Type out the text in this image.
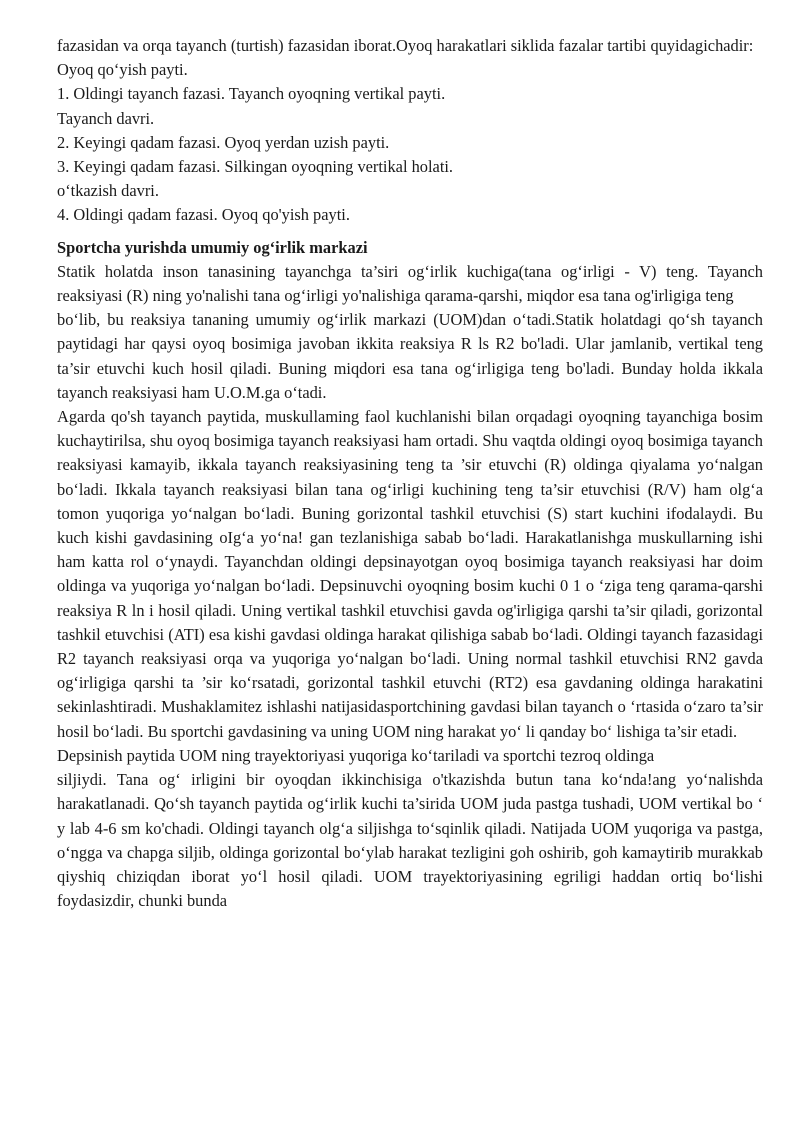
fazasidan va orqa tayanch (turtish) fazasidan iborat.Oyoq harakatlari siklida fazalar tartibi quyidagichadir:

Oyoq qo‘yish payti.

1. Oldingi tayanch fazasi. Tayanch oyoqning vertikal payti.

Tayanch davri.

2. Keyingi qadam fazasi. Oyoq yerdan uzish payti.

3. Keyingi qadam fazasi. Silkingan oyoqning vertikal holati.

o‘tkazish davri.

4. Oldingi qadam fazasi. Oyoq qo'yish payti.

Sportcha yurishda umumiy og‘irlik markazi

Statik holatda inson tanasining tayanchga ta’siri og‘irlik kuchiga(tana og‘irligi - V) teng. Tayanch reaksiyasi (R) ning yo'nalishi tana og‘irligi yo'nalishiga qarama-qarshi, miqdor esa tana og'irligiga teng

bo‘lib, bu reaksiya tananing umumiy og‘irlik markazi (UOM)dan o‘tadi.Statik holatdagi qo‘sh tayanch paytidagi har qaysi oyoq bosimiga javoban ikkita reaksiya R ls R2 bo'ladi. Ular jamlanib, vertikal teng ta’sir etuvchi kuch hosil qiladi. Buning miqdori esa tana og‘irligiga teng bo'ladi. Bunday holda ikkala tayanch reaksiyasi ham U.O.M.ga o‘tadi.

Agarda qo'sh tayanch paytida, muskullaming faol kuchlanishi bilan orqadagi oyoqning tayanchiga bosim kuchaytirilsa, shu oyoq bosimiga tayanch reaksiyasi ham ortadi. Shu vaqtda oldingi oyoq bosimiga tayanch reaksiyasi kamayib, ikkala tayanch reaksiyasining teng ta ’sir etuvchi (R) oldinga qiyalama yo‘nalgan bo‘ladi. Ikkala tayanch reaksiyasi bilan tana og‘irligi kuchining teng ta’sir etuvchisi (R/V) ham olg‘a tomon yuqoriga yo‘nalgan bo‘ladi. Buning gorizontal tashkil etuvchisi (S) start kuchini ifodalaydi. Bu kuch kishi gavdasining oIg‘a yo‘na! gan tezlanishiga sabab bo‘ladi. Harakatlanishga muskullarning ishi ham katta rol o‘ynaydi. Tayanchdan oldingi depsinayotgan oyoq bosimiga tayanch reaksiyasi har doim oldinga va yuqoriga yo‘nalgan bo‘ladi. Depsinuvchi oyoqning bosim kuchi 0 1 o ‘ziga teng qarama-qarshi reaksiya R ln i hosil qiladi. Uning vertikal tashkil etuvchisi gavda og'irligiga qarshi ta’sir qiladi, gorizontal tashkil etuvchisi (ATI) esa kishi gavdasi oldinga harakat qilishiga sabab bo‘ladi. Oldingi tayanch fazasidagi R2 tayanch reaksiyasi orqa va yuqoriga yo‘nalgan bo‘ladi. Uning normal tashkil etuvchisi RN2 gavda og‘irligiga qarshi ta ’sir ko‘rsatadi, gorizontal tashkil etuvchi (RT2) esa gavdaning oldinga harakatini sekinlashtiradi. Mushaklamitez ishlashi natijasidasportchining gavdasi bilan tayanch o ‘rtasida o‘zaro ta’sir hosil bo‘ladi. Bu sportchi gavdasining va uning UOM ning harakat yo‘ li qanday bo‘ lishiga ta’sir etadi.

Depsinish paytida UOM ning trayektoriyasi yuqoriga ko‘tariladi va sportchi tezroq oldinga

siljiydi. Tana og‘ irligini bir oyoqdan ikkinchisiga o'tkazishda butun tana ko‘nda!ang yo‘nalishda harakatlanadi. Qo‘sh tayanch paytida og‘irlik kuchi ta’sirida UOM juda pastga tushadi, UOM vertikal bo ‘ y lab 4-6 sm ko'chadi. Oldingi tayanch olg‘a siljishga to‘sqinlik qiladi. Natijada UOM yuqoriga va pastga, o‘ngga va chapga siljib, oldinga gorizontal bo‘ylab harakat tezligini goh oshirib, goh kamaytirib murakkab qiyshiq chiziqdan iborat yo‘l hosil qiladi. UOM trayektoriyasining egriligi haddan ortiq bo‘lishi foydasizdir, chunki bunda
